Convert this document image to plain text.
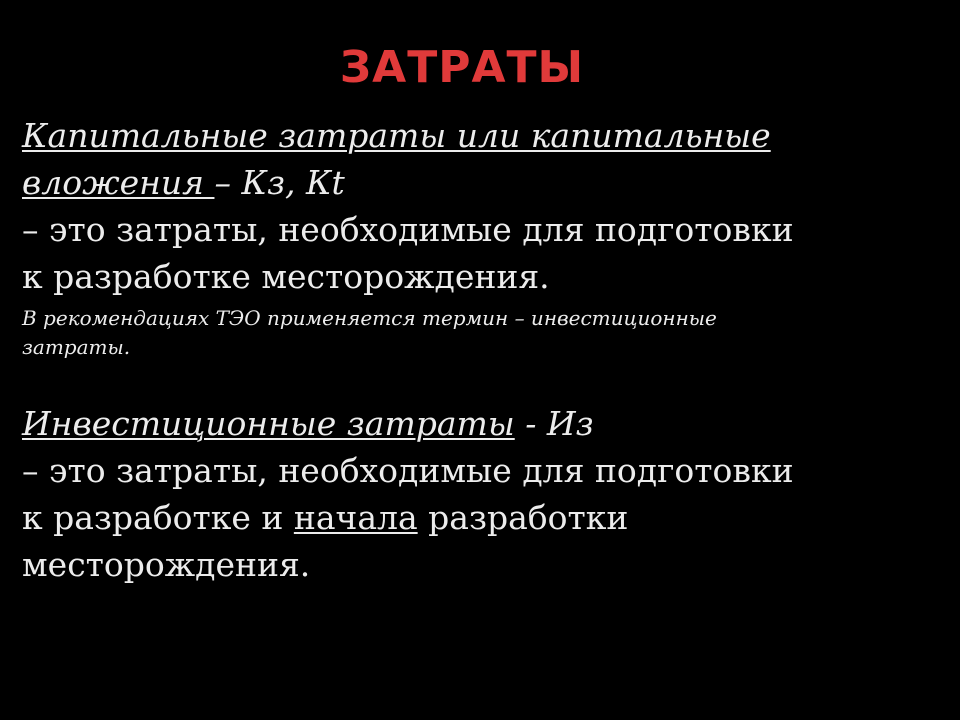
ЗАТРАТЫ
Капитальные затраты или капитальные
вложения – Кз, Кt
– это затраты, необходимые для подготовки
к разработке месторождения.
В рекомендациях ТЭО применяется термин – инвестиционные
затраты.
Инвестиционные затраты - Из
– это затраты, необходимые для подготовки
к разработке и начала разработки
месторождения.
